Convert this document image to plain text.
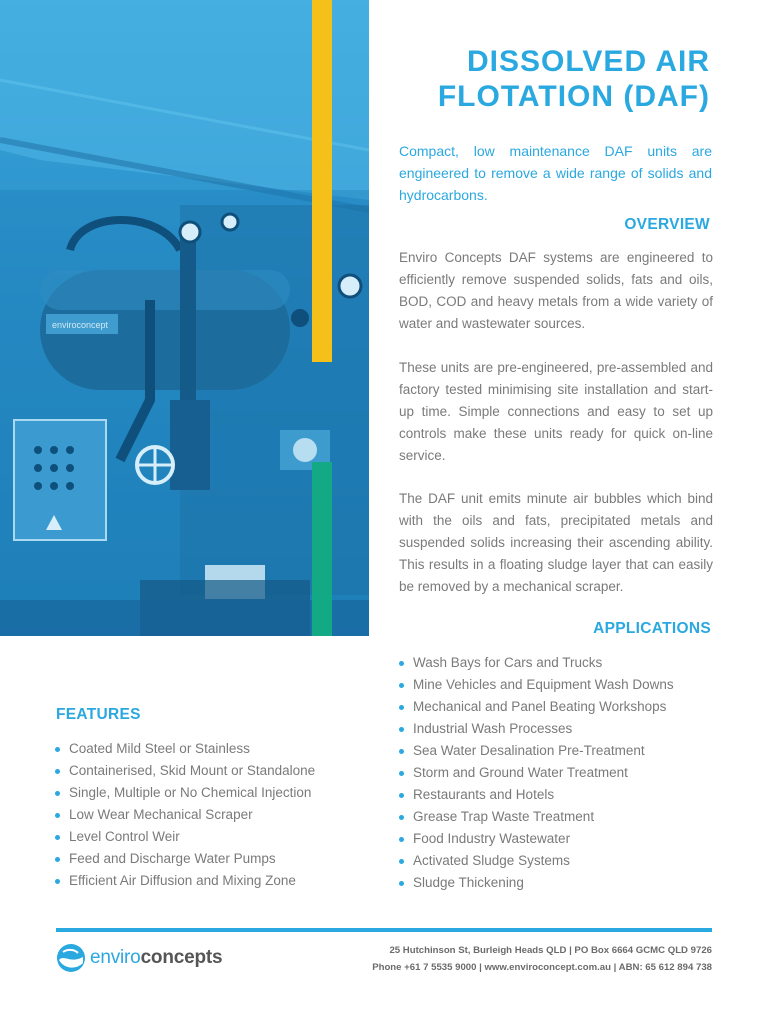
enviroconcept
DISSOLVED AIR
FLOTATION (DAF)
Compact, low maintenance DAF units are engineered to remove a wide range of solids and hydrocarbons.
OVERVIEW

Enviro Concepts DAF systems are engineered to efficiently remove suspended solids, fats and oils, BOD, COD and heavy metals from a wide variety of water and wastewater sources.

These units are pre-engineered, pre-assembled and factory tested minimising site installation and start-up time. Simple connections and easy to set up controls make these units ready for quick on-line service.

The DAF unit emits minute air bubbles which bind with the oils and fats, precipitated metals and suspended solids increasing their ascending ability. This results in a floating sludge layer that can easily be removed by a mechanical scraper.

APPLICATIONS
Wash Bays for Cars and Trucks
Mine Vehicles and Equipment Wash Downs
Mechanical and Panel Beating Workshops
Industrial Wash Processes
Sea Water Desalination Pre-Treatment
Storm and Ground Water Treatment
Restaurants and Hotels
Grease Trap Waste Treatment
Food Industry Wastewater
Activated Sludge Systems
Sludge Thickening
FEATURES
Coated Mild Steel or Stainless
Containerised, Skid Mount or Standalone
Single, Multiple or No Chemical Injection
Low Wear Mechanical Scraper
Level Control Weir
Feed and Discharge Water Pumps
Efficient Air Diffusion and Mixing Zone
enviroconcepts	25 Hutchinson St, Burleigh Heads QLD | PO Box 6664 GCMC QLD 9726
Phone +61 7 5535 9000 | www.enviroconcept.com.au | ABN: 65 612 894 738
